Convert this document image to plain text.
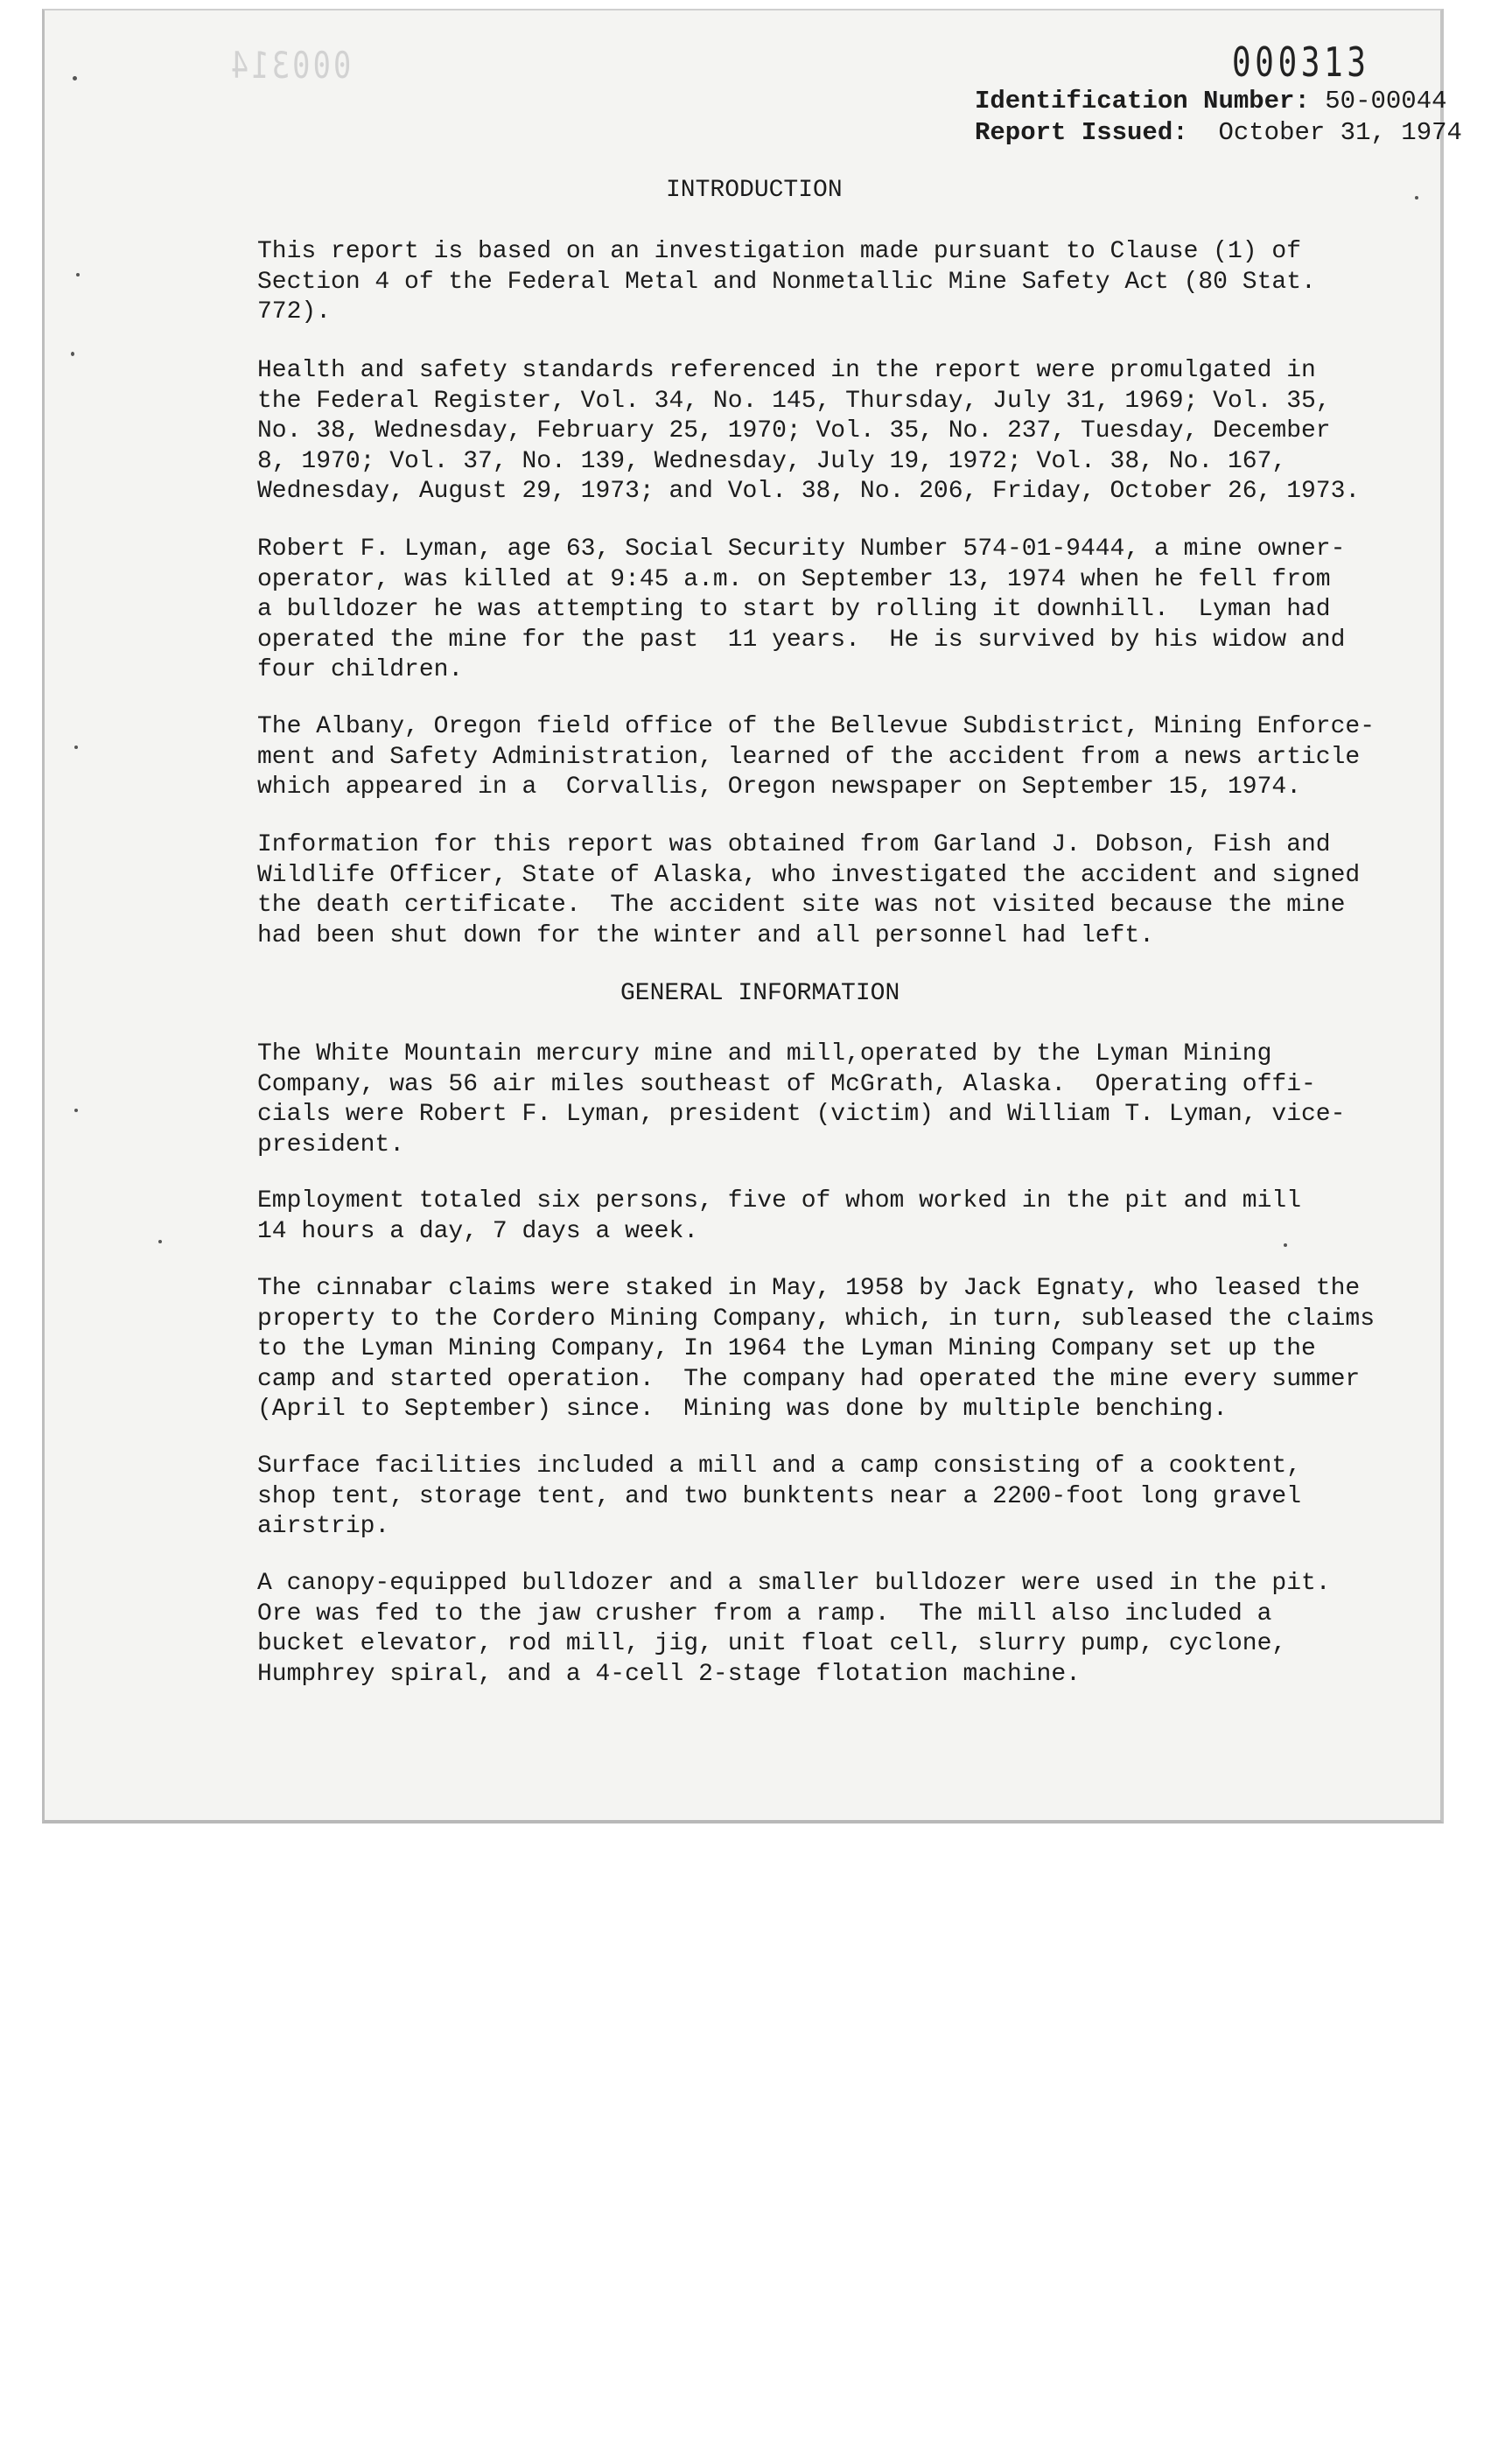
000314	000313
Identification Number: 50-00044
Report Issued: October 31, 1974
INTRODUCTION

This report is based on an investigation made pursuant to Clause (1) of
Section 4 of the Federal Metal and Nonmetallic Mine Safety Act (80 Stat.
772).

Health and safety standards referenced in the report were promulgated in
the Federal Register, Vol. 34, No. 145, Thursday, July 31, 1969; Vol. 35,
No. 38, Wednesday, February 25, 1970; Vol. 35, No. 237, Tuesday, December
8, 1970; Vol. 37, No. 139, Wednesday, July 19, 1972; Vol. 38, No. 167,
Wednesday, August 29, 1973; and Vol. 38, No. 206, Friday, October 26, 1973.

Robert F. Lyman, age 63, Social Security Number 574-01-9444, a mine owner-
operator, was killed at 9:45 a.m. on September 13, 1974 when he fell from
a bulldozer he was attempting to start by rolling it downhill.  Lyman had
operated the mine for the past  11 years.  He is survived by his widow and
four children.

The Albany, Oregon field office of the Bellevue Subdistrict, Mining Enforce-
ment and Safety Administration, learned of the accident from a news article
which appeared in a  Corvallis, Oregon newspaper on September 15, 1974.

Information for this report was obtained from Garland J. Dobson, Fish and
Wildlife Officer, State of Alaska, who investigated the accident and signed
the death certificate.  The accident site was not visited because the mine
had been shut down for the winter and all personnel had left.

GENERAL INFORMATION

The White Mountain mercury mine and mill,operated by the Lyman Mining
Company, was 56 air miles southeast of McGrath, Alaska.  Operating offi-
cials were Robert F. Lyman, president (victim) and William T. Lyman, vice-
president.

Employment totaled six persons, five of whom worked in the pit and mill
14 hours a day, 7 days a week.

The cinnabar claims were staked in May, 1958 by Jack Egnaty, who leased the
property to the Cordero Mining Company, which, in turn, subleased the claims
to the Lyman Mining Company, In 1964 the Lyman Mining Company set up the
camp and started operation.  The company had operated the mine every summer
(April to September) since.  Mining was done by multiple benching.

Surface facilities included a mill and a camp consisting of a cooktent,
shop tent, storage tent, and two bunktents near a 2200-foot long gravel
airstrip.

A canopy-equipped bulldozer and a smaller bulldozer were used in the pit.
Ore was fed to the jaw crusher from a ramp.  The mill also included a
bucket elevator, rod mill, jig, unit float cell, slurry pump, cyclone,
Humphrey spiral, and a 4-cell 2-stage flotation machine.
